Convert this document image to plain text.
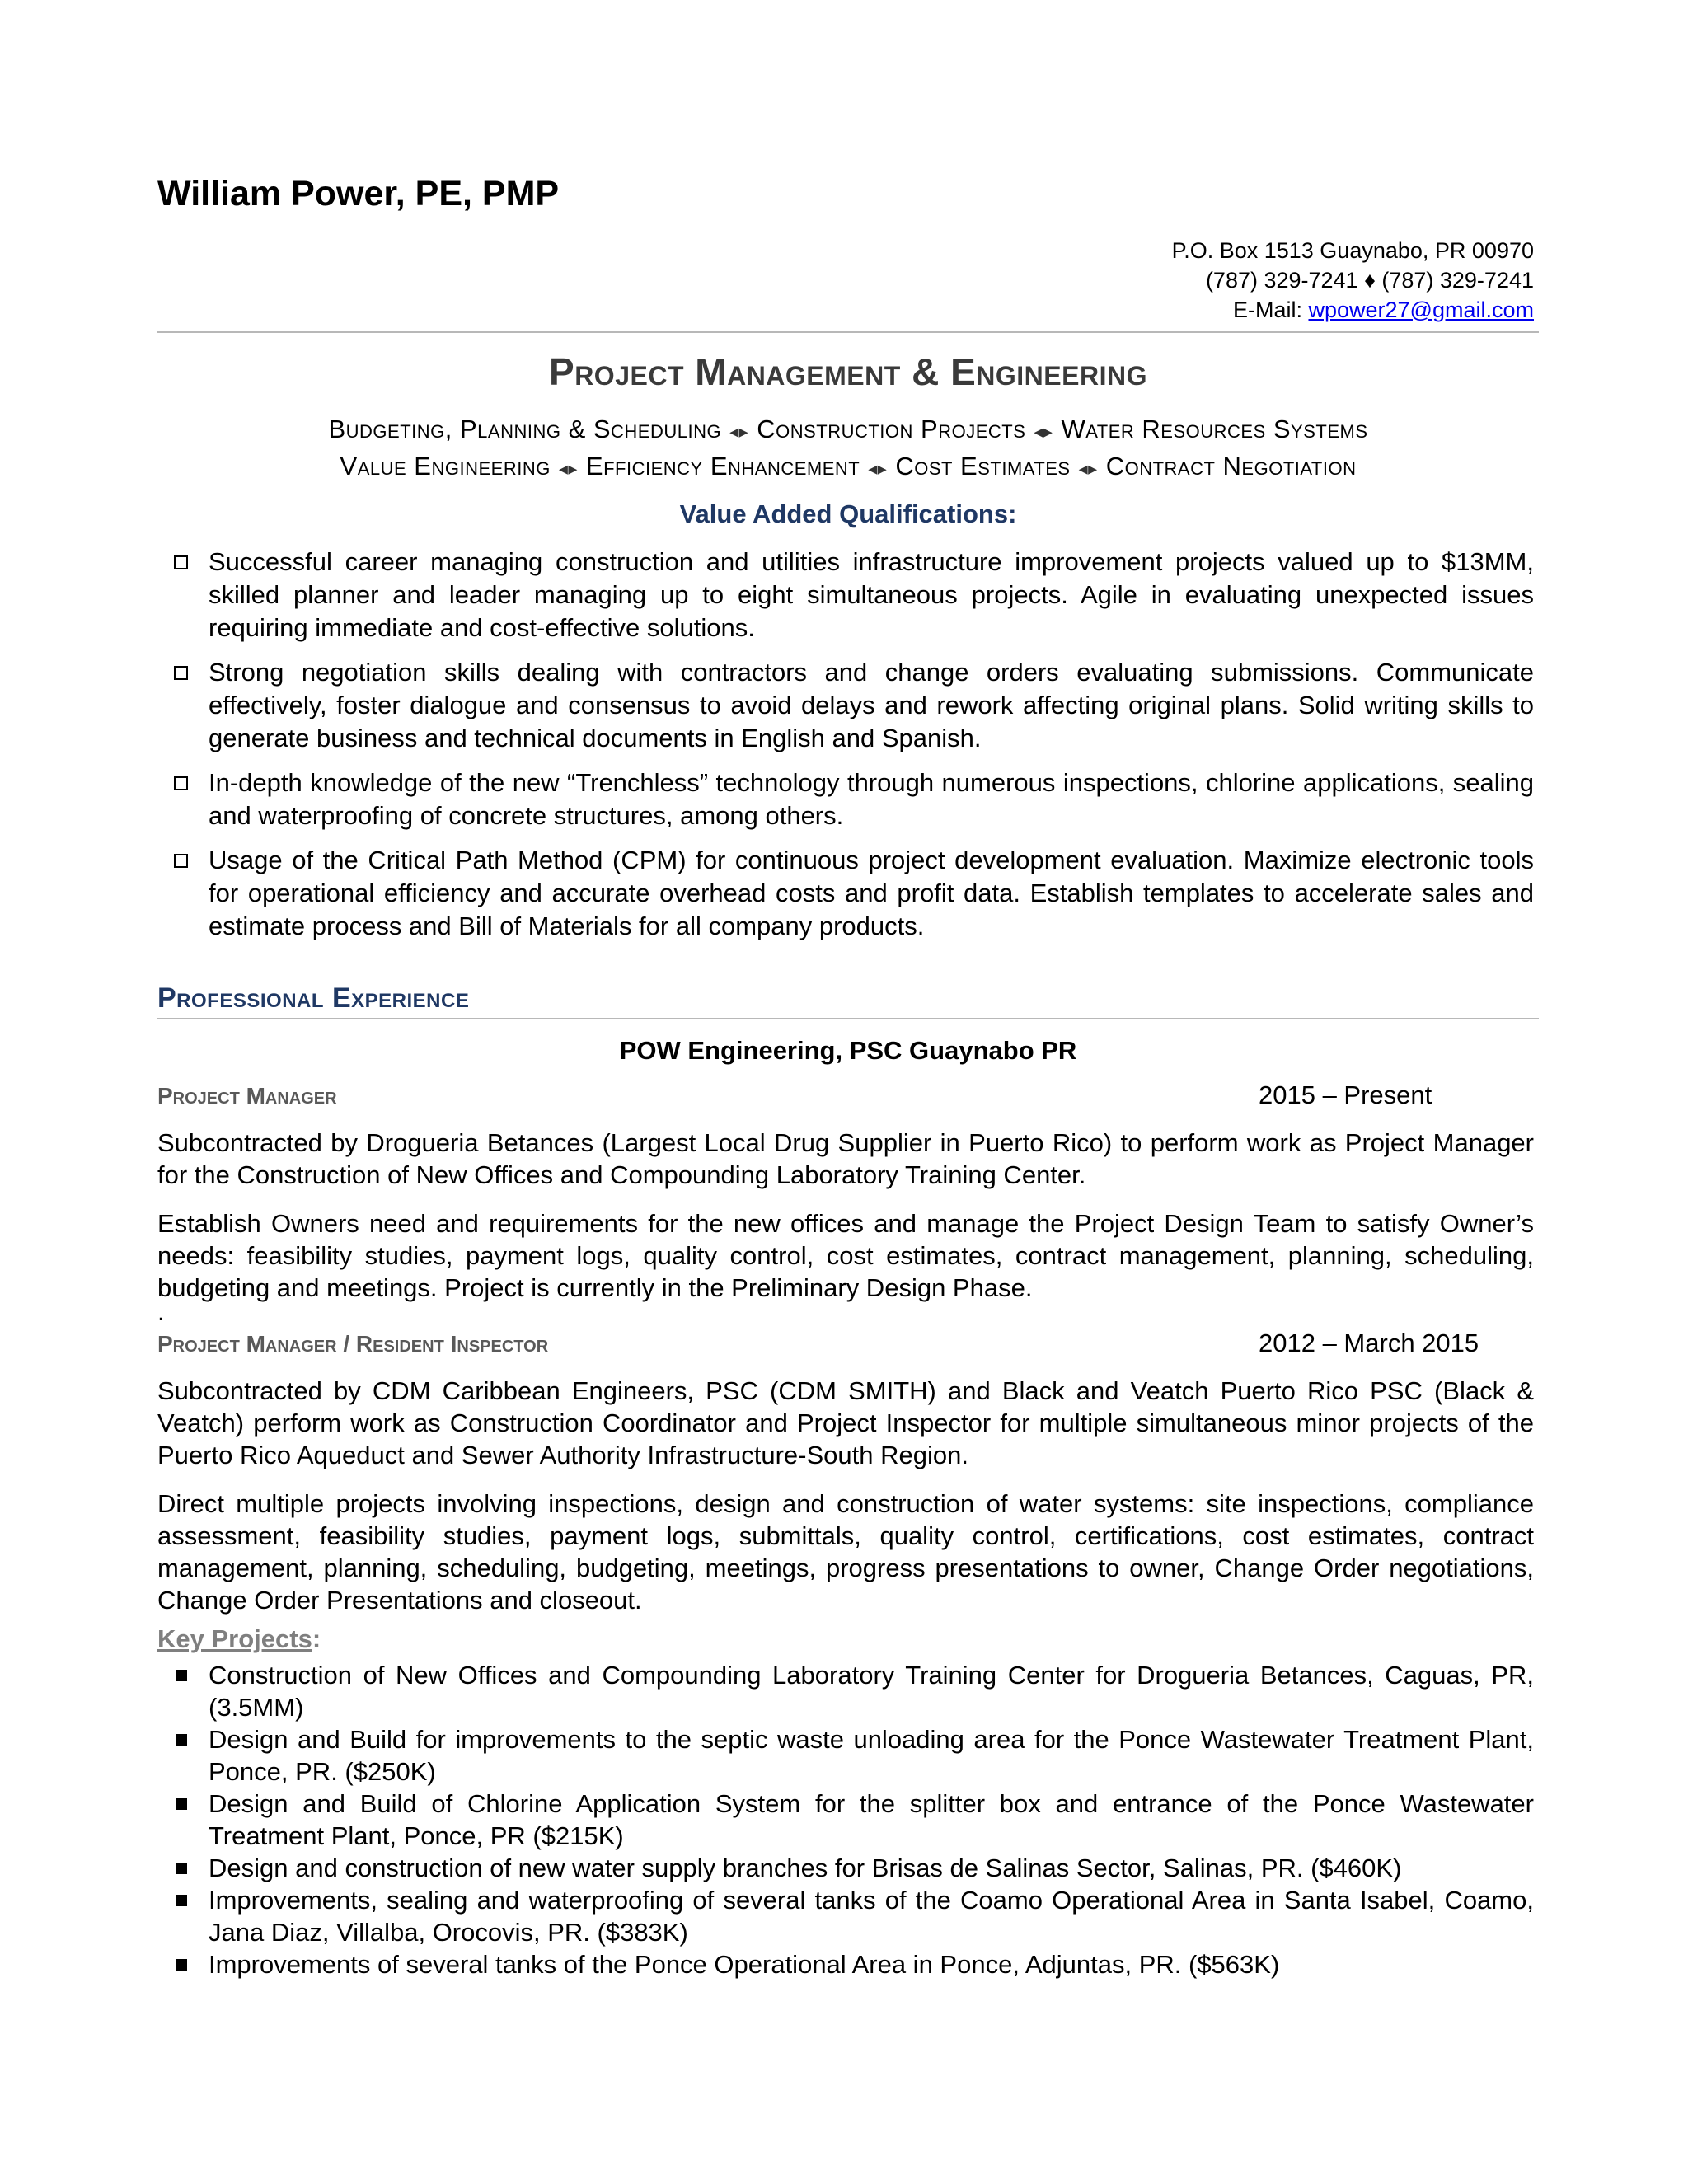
William Power, PE, PMP
P.O. Box 1513 Guaynabo, PR 00970
(787) 329-7241 ♦ (787) 329-7241
E-Mail: wpower27@gmail.com
Project Management & Engineering
Budgeting, Planning & Scheduling ◂▸ Construction Projects ◂▸ Water Resources Systems
Value Engineering ◂▸ Efficiency Enhancement ◂▸ Cost Estimates ◂▸ Contract Negotiation
Value Added Qualifications:
Successful career managing construction and utilities infrastructure improvement projects valued up to $13MM, skilled planner and leader managing up to eight simultaneous projects. Agile in evaluating unexpected issues requiring immediate and cost-effective solutions.
Strong negotiation skills dealing with contractors and change orders evaluating submissions. Communicate effectively, foster dialogue and consensus to avoid delays and rework affecting original plans. Solid writing skills to generate business and technical documents in English and Spanish.
In-depth knowledge of the new “Trenchless” technology through numerous inspections, chlorine applications, sealing and waterproofing of concrete structures, among others.
Usage of the Critical Path Method (CPM) for continuous project development evaluation. Maximize electronic tools for operational efficiency and accurate overhead costs and profit data. Establish templates to accelerate sales and estimate process and Bill of Materials for all company products.
Professional Experience
POW Engineering, PSC Guaynabo PR
Project Manager	2015 – Present

Subcontracted by Drogueria Betances (Largest Local Drug Supplier in Puerto Rico) to perform work as Project Manager for the Construction of New Offices and Compounding Laboratory Training Center.

Establish Owners need and requirements for the new offices and manage the Project Design Team to satisfy Owner’s needs: feasibility studies, payment logs, quality control, cost estimates, contract management, planning, scheduling, budgeting and meetings. Project is currently in the Preliminary Design Phase.

.
Project Manager / Resident Inspector	2012 – March 2015

Subcontracted by CDM Caribbean Engineers, PSC (CDM SMITH) and Black and Veatch Puerto Rico PSC (Black & Veatch) perform work as Construction Coordinator and Project Inspector for multiple simultaneous minor projects of the Puerto Rico Aqueduct and Sewer Authority Infrastructure-South Region.

Direct multiple projects involving inspections, design and construction of water systems: site inspections, compliance assessment, feasibility studies, payment logs, submittals, quality control, certifications, cost estimates, contract management, planning, scheduling, budgeting, meetings, progress presentations to owner, Change Order negotiations, Change Order Presentations and closeout.

Key Projects:
Construction of New Offices and Compounding Laboratory Training Center for Drogueria Betances, Caguas, PR, (3.5MM)
Design and Build for improvements to the septic waste unloading area for the Ponce Wastewater Treatment Plant, Ponce, PR. ($250K)
Design and Build of Chlorine Application System for the splitter box and entrance of the Ponce Wastewater Treatment Plant, Ponce, PR ($215K)
Design and construction of new water supply branches for Brisas de Salinas Sector, Salinas, PR. ($460K)
Improvements, sealing and waterproofing of several tanks of the Coamo Operational Area in Santa Isabel, Coamo, Jana Diaz, Villalba, Orocovis, PR. ($383K)
Improvements of several tanks of the Ponce Operational Area in Ponce, Adjuntas, PR. ($563K)
